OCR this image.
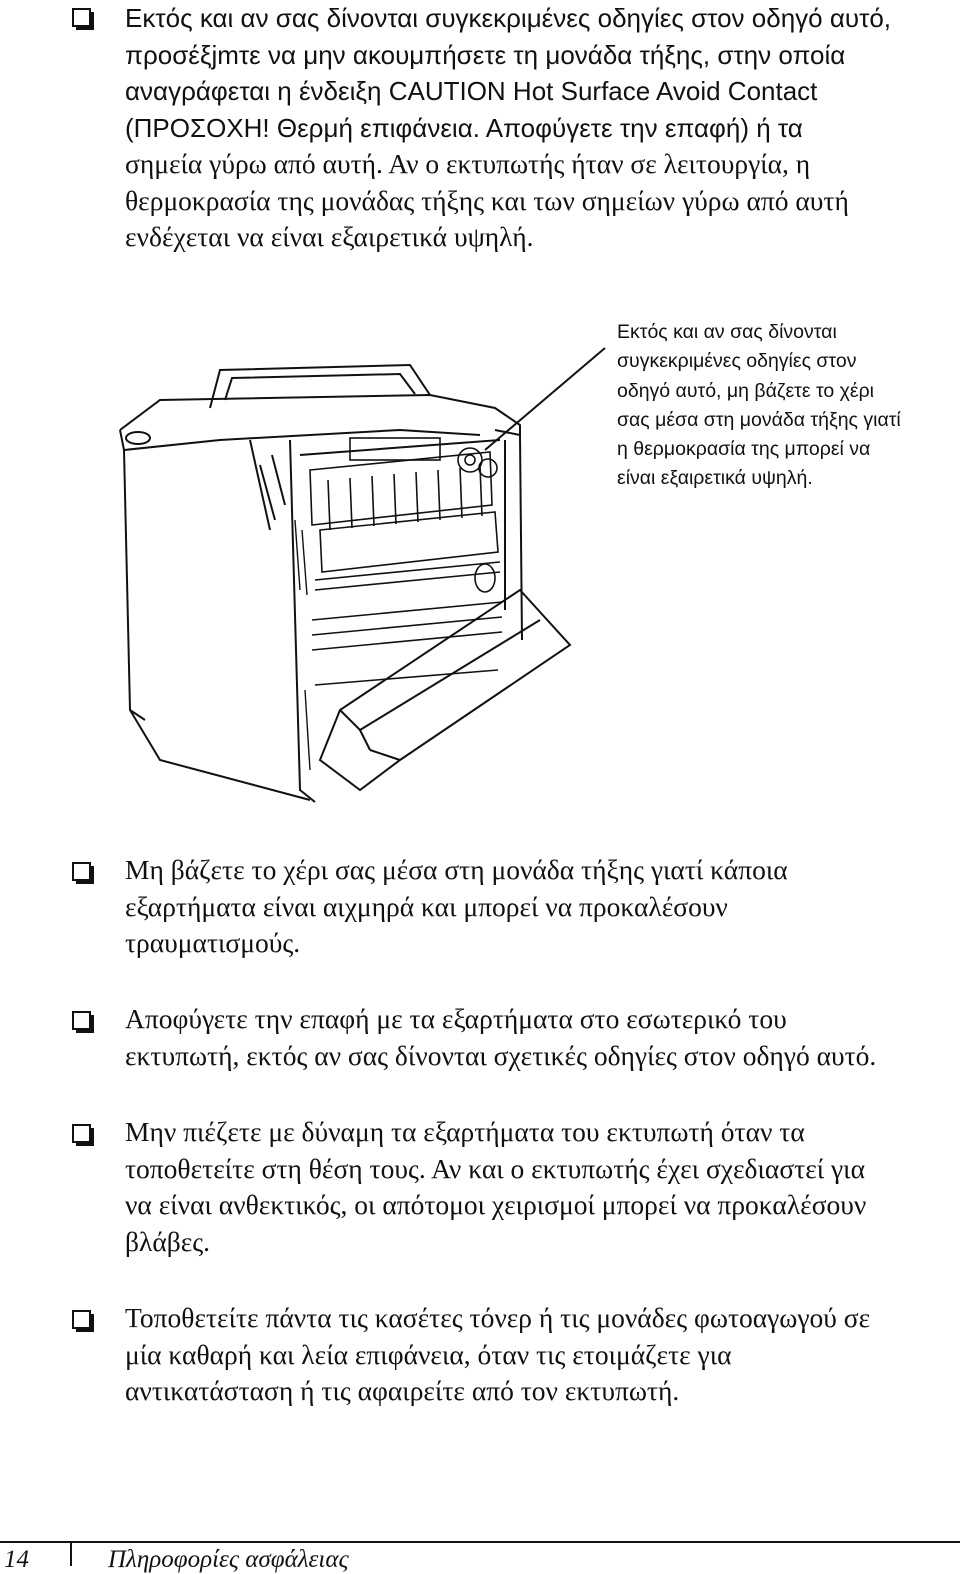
Εκτός και αν σας δίνονται συγκεκριμένες οδηγίες στον οδηγό αυτό,
προσέξjmτε να μην ακουμπήσετε τη μονάδα τήξης, στην οποία
αναγράφεται η ένδειξη CAUTION Hot Surface Avoid Contact
(ΠΡΟΣΟΧΗ! Θερμή επιφάνεια. Αποφύγετε την επαφή) ή τα
σημεία γύρω από αυτή. Αν ο εκτυπωτής ήταν σε λειτουργία, η
θερμοκρασία της μονάδας τήξης και των σημείων γύρω από αυτή
ενδέχεται να είναι εξαιρετικά υψηλή.
Εκτός και αν σας δίνονται
συγκεκριμένες οδηγίες στον
οδηγό αυτό, μη βάζετε το χέρι
σας μέσα στη μονάδα τήξης γιατί
η θερμοκρασία της μπορεί να
είναι εξαιρετικά υψηλή.
Μη βάζετε το χέρι σας μέσα στη μονάδα τήξης γιατί κάποια
εξαρτήματα είναι αιχμηρά και μπορεί να προκαλέσουν
τραυματισμούς.
Αποφύγετε την επαφή με τα εξαρτήματα στο εσωτερικό του
εκτυπωτή, εκτός αν σας δίνονται σχετικές οδηγίες στον οδηγό αυτό.
Μην πιέζετε με δύναμη τα εξαρτήματα του εκτυπωτή όταν τα
τοποθετείτε στη θέση τους. Αν και ο εκτυπωτής έχει σχεδιαστεί για
να είναι ανθεκτικός, οι απότομοι χειρισμοί μπορεί να προκαλέσουν
βλάβες.
Τοποθετείτε πάντα τις κασέτες τόνερ ή τις μονάδες φωτοαγωγού σε
μία καθαρή και λεία επιφάνεια, όταν τις ετοιμάζετε για
αντικατάσταση ή τις αφαιρείτε από τον εκτυπωτή.
14	Πληροφορίες ασφάλειας
